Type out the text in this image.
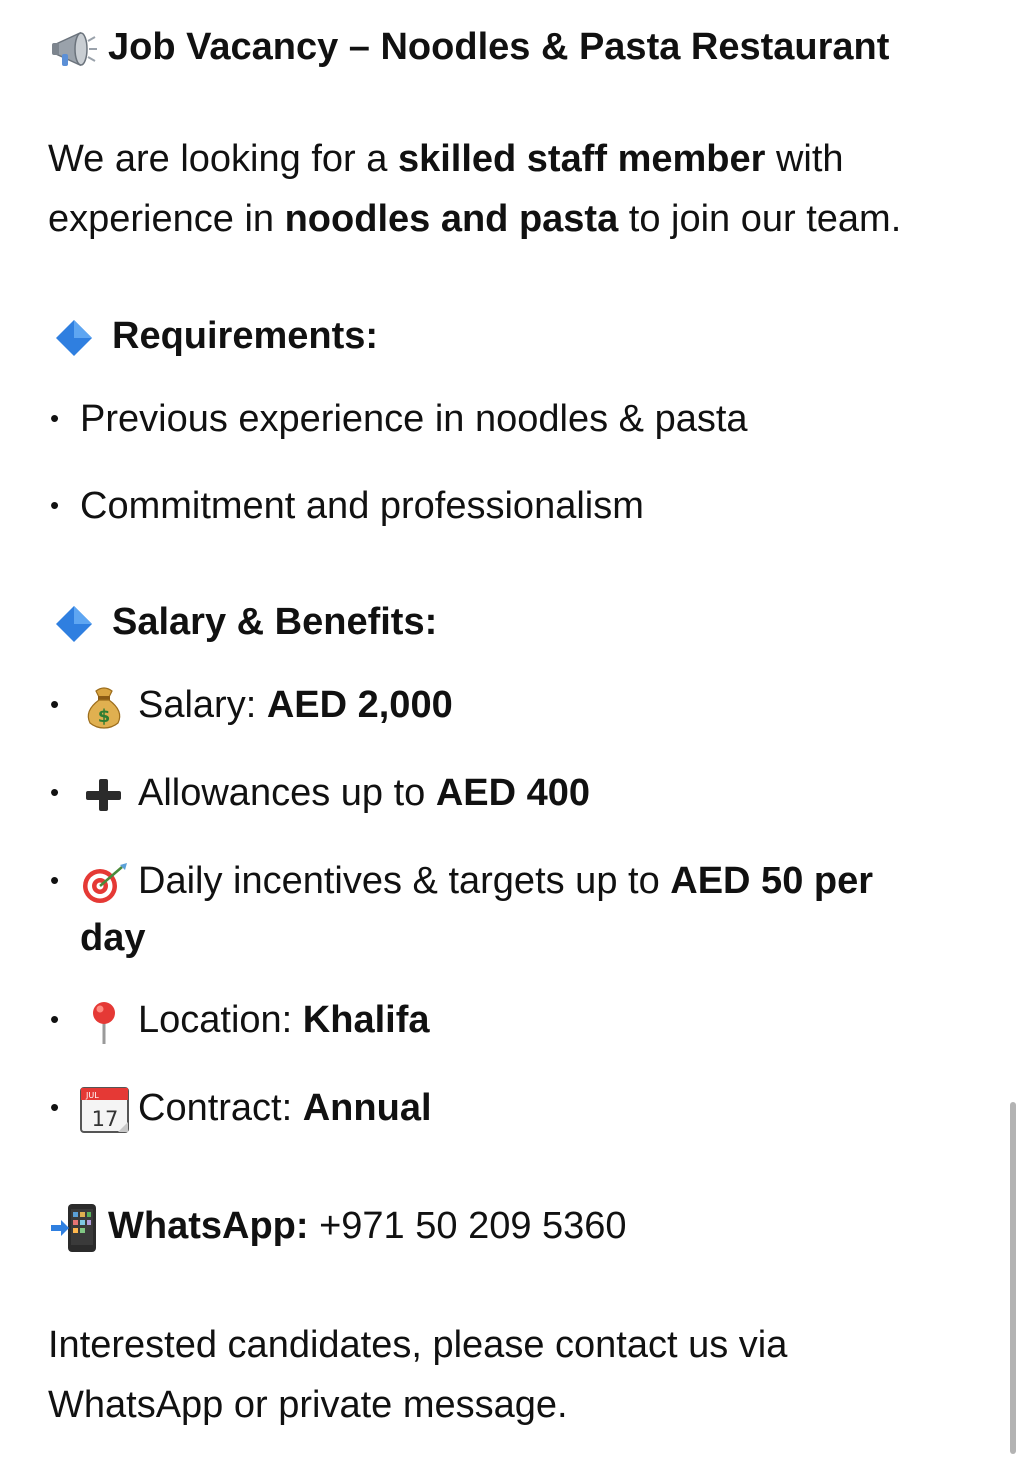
Job Vacancy – Noodles & Pasta Restaurant
We are looking for a skilled staff member with
experience in noodles and pasta to join our team.
Requirements:
• Previous experience in noodles & pasta
• Commitment and professionalism
Salary & Benefits:
• $ Salary: AED 2,000
• Allowances up to AED 400
• Daily incentives & targets up to AED 50 per
day
• Location: Khalifa
•	JUL
17 Contract: Annual
WhatsApp: +971 50 209 5360
Interested candidates, please contact us via
WhatsApp or private message.
